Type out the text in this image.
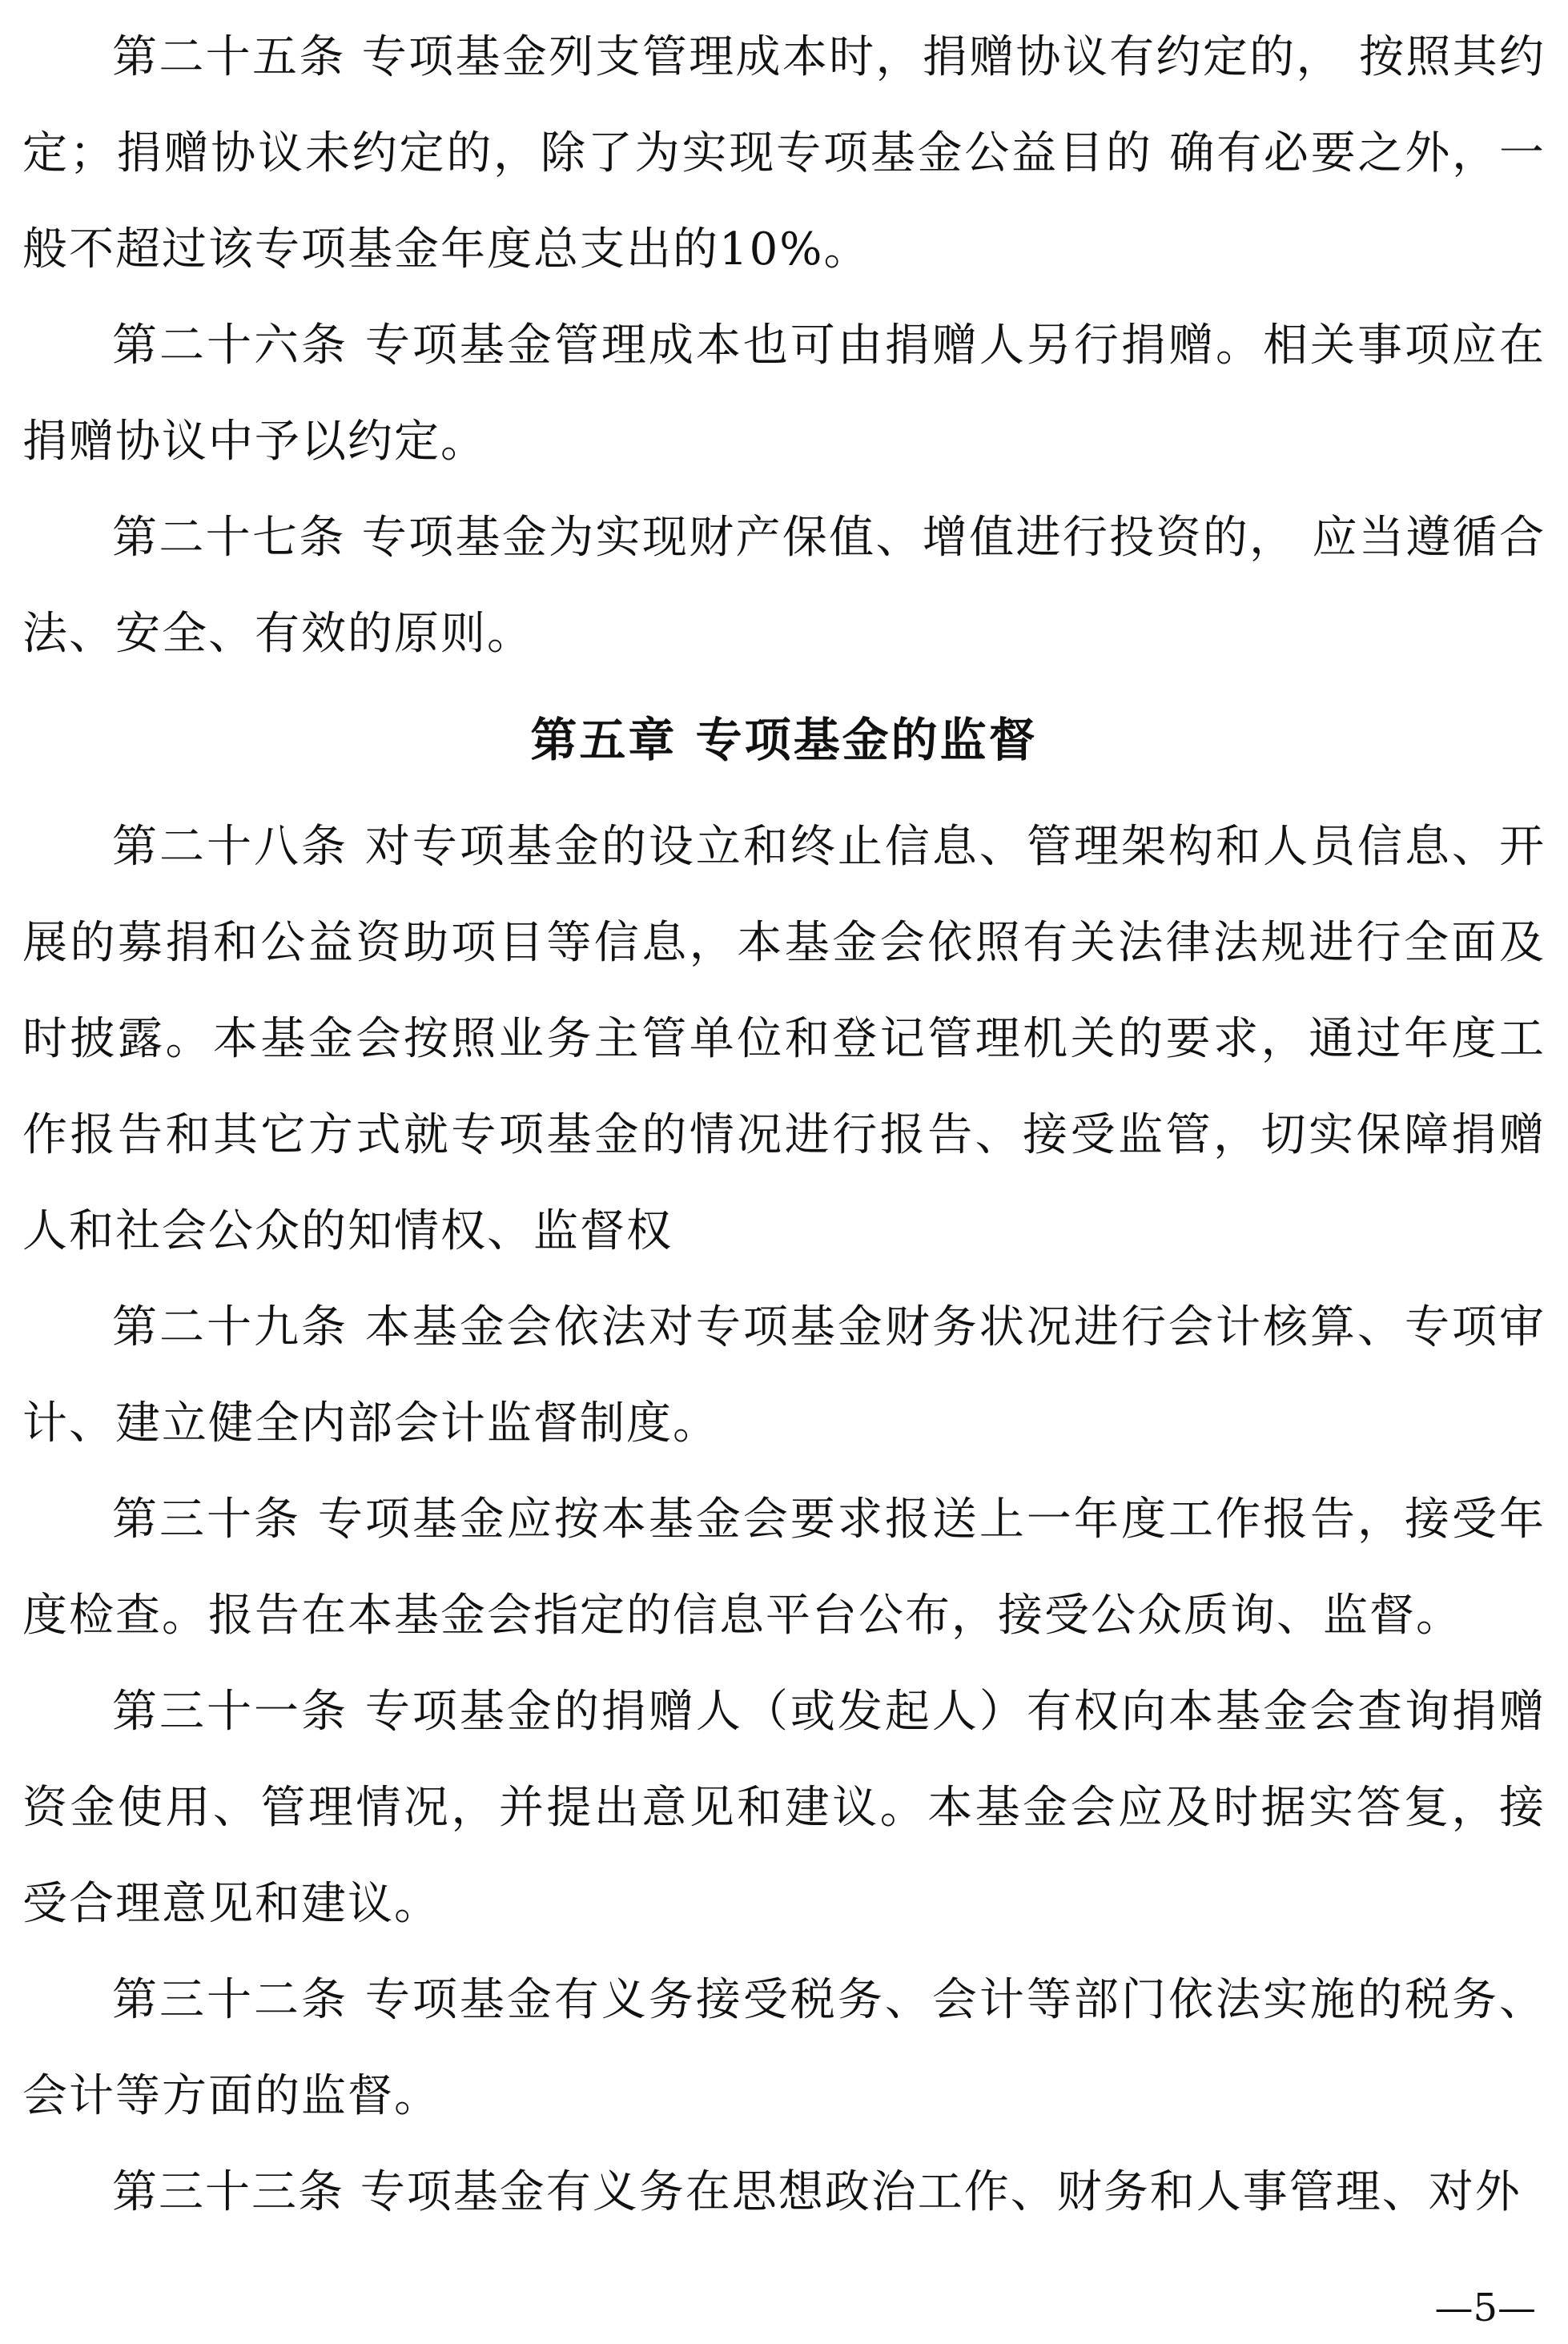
第二十五条 专项基金列支管理成本时，捐赠协议有约定的， 按照其约定；捐赠协议未约定的，除了为实现专项基金公益目的 确有必要之外，一般不超过该专项基金年度总支出的10%。

第二十六条 专项基金管理成本也可由捐赠人另行捐赠。相关事项应在捐赠协议中予以约定。

第二十七条 专项基金为实现财产保值、增值进行投资的， 应当遵循合法、安全、有效的原则。

第五章 专项基金的监督

第二十八条 对专项基金的设立和终止信息、管理架构和人员信息、开展的募捐和公益资助项目等信息，本基金会依照有关法律法规进行全面及时披露。本基金会按照业务主管单位和登记管理机关的要求，通过年度工作报告和其它方式就专项基金的情况进行报告、接受监管，切实保障捐赠人和社会公众的知情权、监督权

第二十九条 本基金会依法对专项基金财务状况进行会计核算、专项审计、建立健全内部会计监督制度。

第三十条 专项基金应按本基金会要求报送上一年度工作报告，接受年度检查。报告在本基金会指定的信息平台公布，接受公众质询、监督。

第三十一条 专项基金的捐赠人（或发起人）有权向本基金会查询捐赠资金使用、管理情况，并提出意见和建议。本基金会应及时据实答复，接受合理意见和建议。

第三十二条 专项基金有义务接受税务、会计等部门依法实施的税务、会计等方面的监督。

第三十三条 专项基金有义务在思想政治工作、财务和人事管理、对外

—5—
